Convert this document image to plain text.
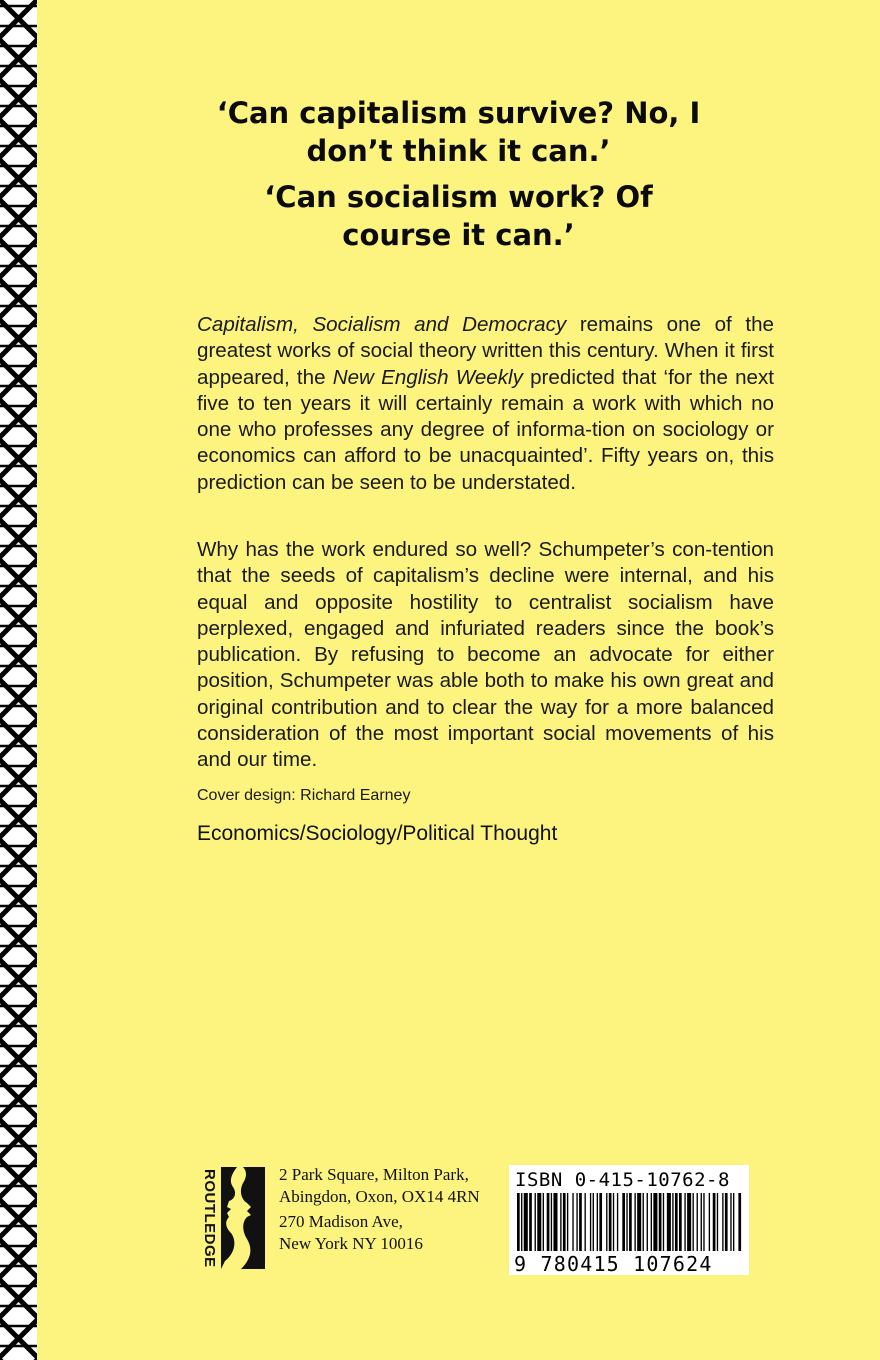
‘Can capitalism survive? No, I
don’t think it can.’
‘Can socialism work? Of
course it can.’

Capitalism, Socialism and Democracy remains one of the greatest works of social theory written this century. When it first appeared, the New English Weekly predicted that ‘for the next five to ten years it will certainly remain a work with which no one who professes any degree of informa-tion on sociology or economics can afford to be unacquainted’. Fifty years on, this prediction can be seen to be understated.

Why has the work endured so well? Schumpeter’s con-tention that the seeds of capitalism’s decline were internal, and his equal and opposite hostility to centralist socialism have perplexed, engaged and infuriated readers since the book’s publication. By refusing to become an advocate for either position, Schumpeter was able both to make his own great and original contribution and to clear the way for a more balanced consideration of the most important social movements of his and our time.

Cover design: Richard Earney
Economics/Sociology/Political Thought
ROUTLEDGE	2 Park Square, Milton Park,
Abingdon, Oxon, OX14 4RN
270 Madison Ave,
New York NY 10016
ISBN 0-415-10762-8
9 780415 107624
